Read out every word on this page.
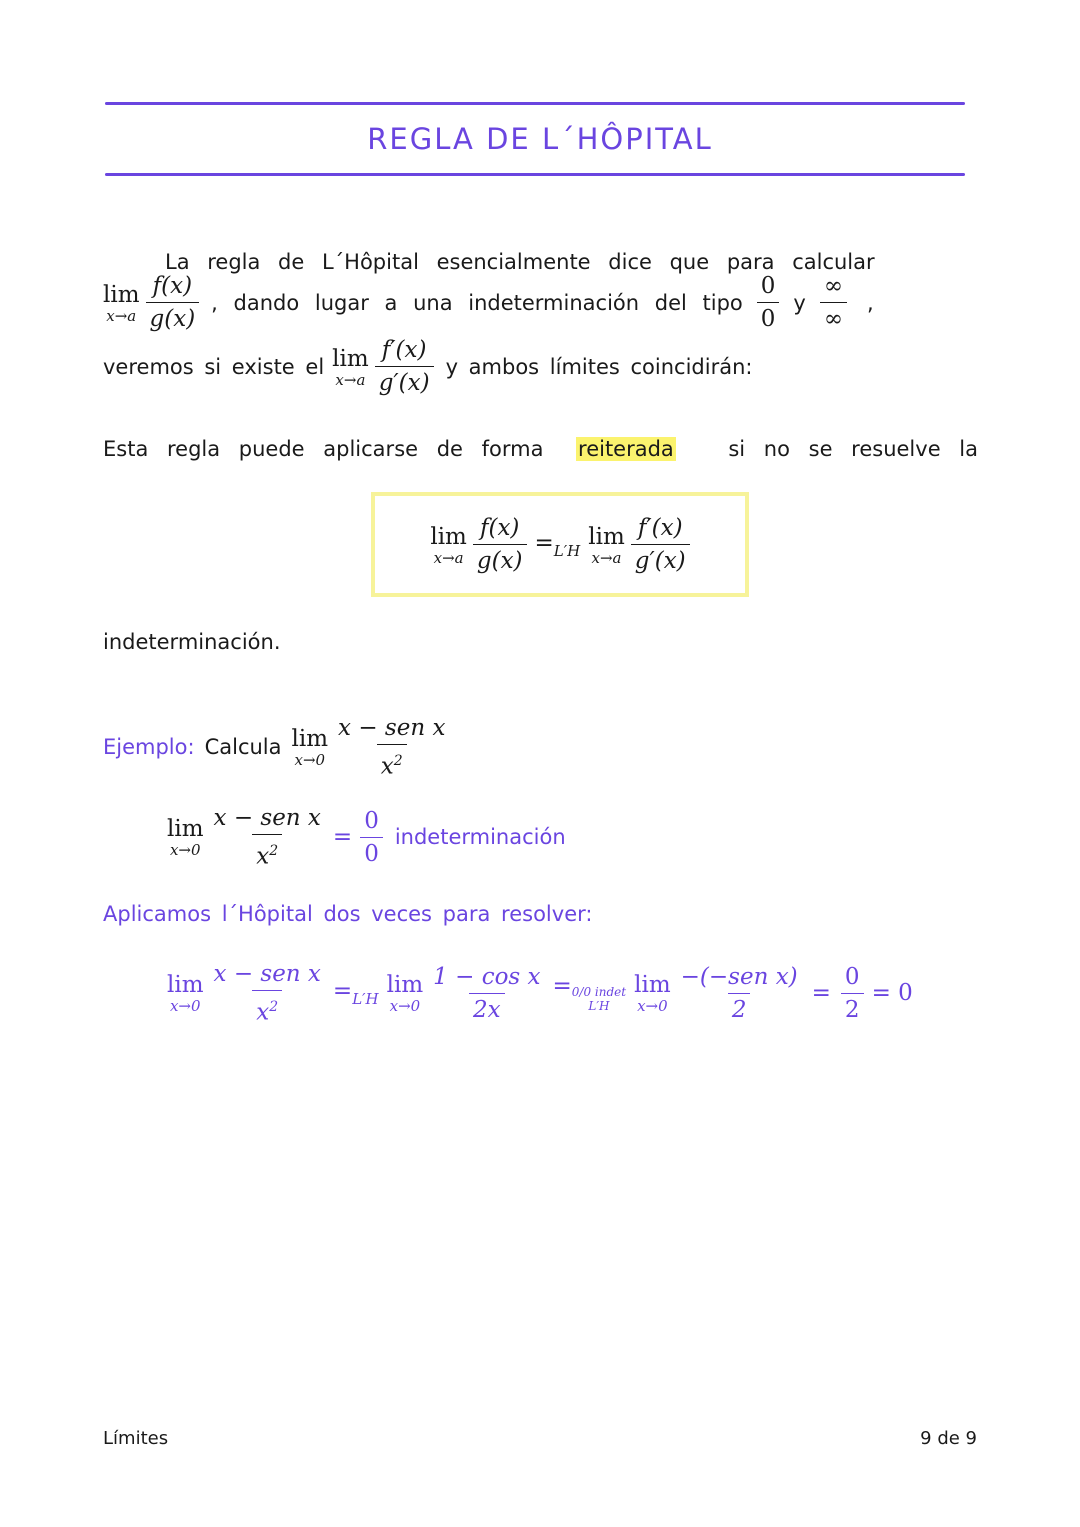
REGLA DE L´HÔPITAL
La regla de L´Hôpital esencialmente dice que para calcular
lim
$x\to a \frac{f(x)}{g(x)}$ , dando lugar a una indeterminación del tipo $\frac{0}{0}$ y $\frac{\infty}{\infty}$ ,
veremos si existe el lim
$x\to a \frac{f'(x)}{g'(x)}$ y ambos límites coincidirán:
Esta regla puede aplicarse de forma reiterada	si no se resuelve la
lim
$x\to a \frac{f(x)}{g(x)} =_{L'H}$
lim
$x\to a \frac{f'(x)}{g'(x)}$
indeterminación.
Ejemplo: Calcula lim
$x\to 0 \frac{\text{x − sen x}}{x^2}$
lim
$x\to 0 \frac{\text{x − sen x}}{x^2} = \frac{0}{0}$ indeterminación
Aplicamos l´Hôpital dos veces para resolver:
lim
$x\to 0 \frac{\text{x − sen x}}{x^2} =_{L'H}$
lim
$x\to 0 \frac{\text{1 − cos x}}{2x} = 0/0$ indet
L′H
lim
$x\to 0 \frac{\text{−(−sen x)}}{2} = \frac{0}{2} = 0$
Límites	9 de 9
